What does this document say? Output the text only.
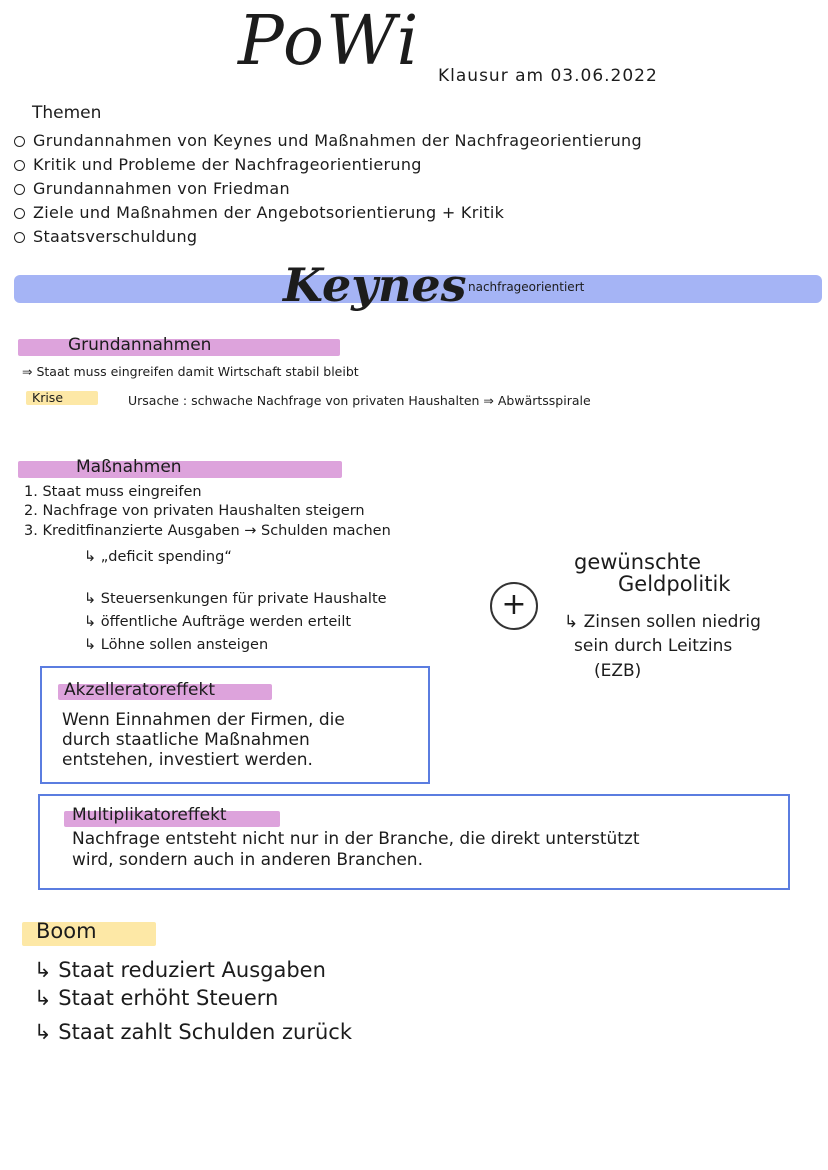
PoWi Klausur am 03.06.2022
Themen
Grundannahmen von Keynes und Maßnahmen der Nachfrageorientierung
Kritik und Probleme der Nachfrageorientierung
Grundannahmen von Friedman
Ziele und Maßnahmen der Angebotsorientierung + Kritik
Staatsverschuldung
Keynes nachfrageorientiert
Grundannahmen
⇒ Staat muss eingreifen damit Wirtschaft stabil bleibt
Krise	Ursache : schwache Nachfrage von privaten Haushalten ⇒ Abwärtsspirale
Maßnahmen
1. Staat muss eingreifen
2. Nachfrage von privaten Haushalten steigern
3. Kreditfinanzierte Ausgaben → Schulden machen
↳ „deficit spending“
↳ Steuersenkungen für private Haushalte
↳ öffentliche Aufträge werden erteilt
↳ Löhne sollen ansteigen
+
gewünschte
Geldpolitik
↳ Zinsen sollen niedrig
sein durch Leitzins
(EZB)
Akzelleratoreffekt
Wenn Einnahmen der Firmen, die
durch staatliche Maßnahmen
entstehen, investiert werden.
Multiplikatoreffekt
Nachfrage entsteht nicht nur in der Branche, die direkt unterstützt
wird, sondern auch in anderen Branchen.
Boom
↳ Staat reduziert Ausgaben
↳ Staat erhöht Steuern
↳ Staat zahlt Schulden zurück
